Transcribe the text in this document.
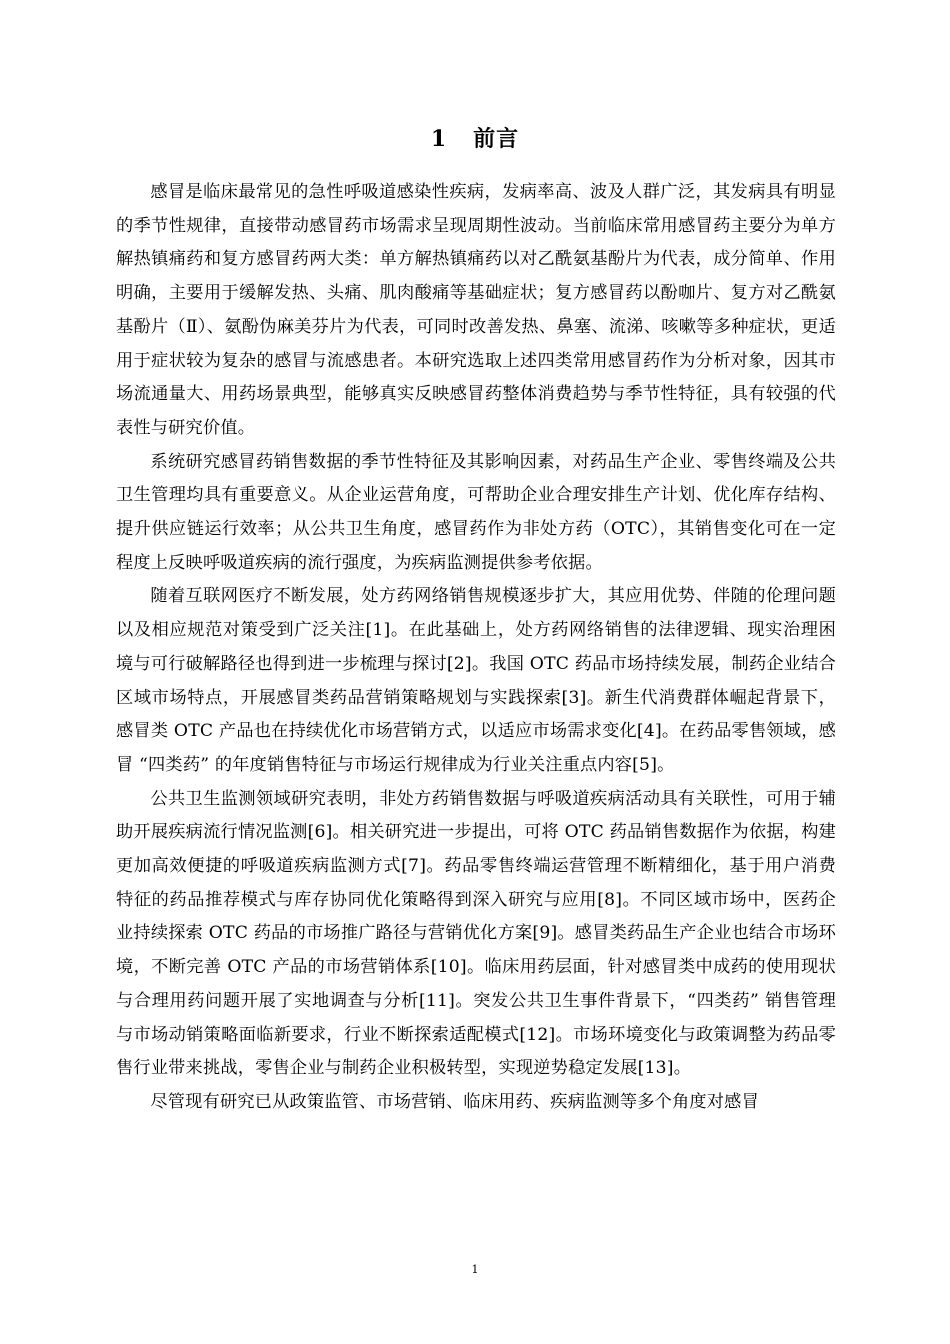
1   前言

感冒是临床最常见的急性呼吸道感染性疾病，发病率高、波及人群广泛，其发病具有明显的季节性规律，直接带动感冒药市场需求呈现周期性波动。当前临床常用感冒药主要分为单方解热镇痛药和复方感冒药两大类：单方解热镇痛药以对乙酰氨基酚片为代表，成分简单、作用明确，主要用于缓解发热、头痛、肌肉酸痛等基础症状；复方感冒药以酚咖片、复方对乙酰氨基酚片（Ⅱ）、氨酚伪麻美芬片为代表，可同时改善发热、鼻塞、流涕、咳嗽等多种症状，更适用于症状较为复杂的感冒与流感患者。本研究选取上述四类常用感冒药作为分析对象，因其市场流通量大、用药场景典型，能够真实反映感冒药整体消费趋势与季节性特征，具有较强的代表性与研究价值。

系统研究感冒药销售数据的季节性特征及其影响因素，对药品生产企业、零售终端及公共卫生管理均具有重要意义。从企业运营角度，可帮助企业合理安排生产计划、优化库存结构、提升供应链运行效率；从公共卫生角度，感冒药作为非处方药（OTC），其销售变化可在一定程度上反映呼吸道疾病的流行强度，为疾病监测提供参考依据。

随着互联网医疗不断发展，处方药网络销售规模逐步扩大，其应用优势、伴随的伦理问题以及相应规范对策受到广泛关注[1]。在此基础上，处方药网络销售的法律逻辑、现实治理困境与可行破解路径也得到进一步梳理与探讨[2]。我国 OTC 药品市场持续发展，制药企业结合区域市场特点，开展感冒类药品营销策略规划与实践探索[3]。新生代消费群体崛起背景下，感冒类 OTC 产品也在持续优化市场营销方式，以适应市场需求变化[4]。在药品零售领域，感冒 “四类药” 的年度销售特征与市场运行规律成为行业关注重点内容[5]。

公共卫生监测领域研究表明，非处方药销售数据与呼吸道疾病活动具有关联性，可用于辅助开展疾病流行情况监测[6]。相关研究进一步提出，可将 OTC 药品销售数据作为依据，构建更加高效便捷的呼吸道疾病监测方式[7]。药品零售终端运营管理不断精细化，基于用户消费特征的药品推荐模式与库存协同优化策略得到深入研究与应用[8]。不同区域市场中，医药企业持续探索 OTC 药品的市场推广路径与营销优化方案[9]。感冒类药品生产企业也结合市场环境，不断完善 OTC 产品的市场营销体系[10]。临床用药层面，针对感冒类中成药的使用现状与合理用药问题开展了实地调查与分析[11]。突发公共卫生事件背景下，“四类药” 销售管理与市场动销策略面临新要求，行业不断探索适配模式[12]。市场环境变化与政策调整为药品零售行业带来挑战，零售企业与制药企业积极转型，实现逆势稳定发展[13]。

尽管现有研究已从政策监管、市场营销、临床用药、疾病监测等多个角度对感冒

1
